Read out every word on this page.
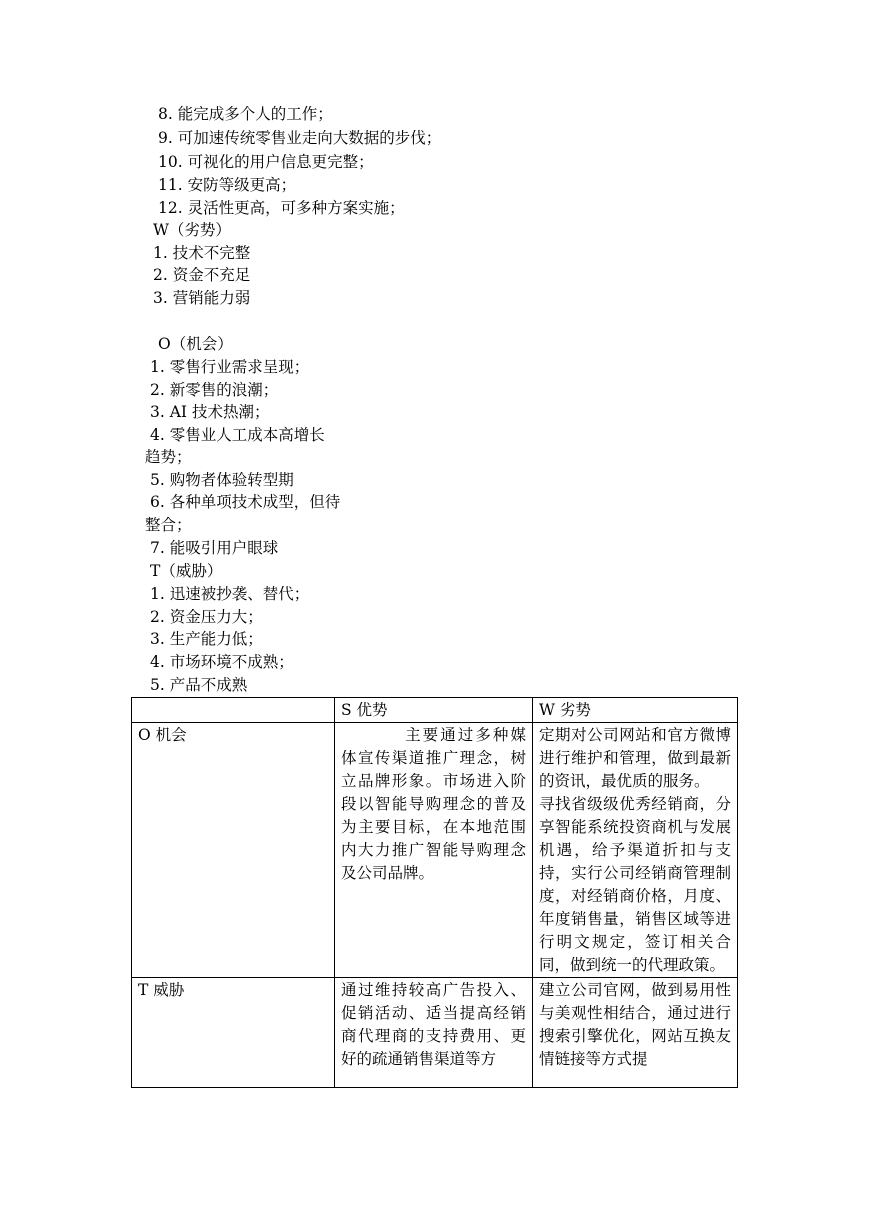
8. 能完成多个人的工作；
9. 可加速传统零售业走向大数据的步伐；
10. 可视化的用户信息更完整；
11. 安防等级更高；
12. 灵活性更高，可多种方案实施；
W（劣势）
1. 技术不完整
2. 资金不充足
3. 营销能力弱
O（机会）
1. 零售行业需求呈现；
2. 新零售的浪潮；
3. AI 技术热潮；
4. 零售业人工成本高增长
趋势；
5. 购物者体验转型期
6. 各种单项技术成型，但待
整合；
7. 能吸引用户眼球
T（威胁）
1. 迅速被抄袭、替代；
2. 资金压力大；
3. 生产能力低；
4. 市场环境不成熟；
5. 产品不成熟
	S 优势	W 劣势
O 机会	主要通过多种媒体宣传渠道推广理念，树立品牌形象。市场进入阶段以智能导购理念的普及为主要目标，在本地范围内大力推广智能导购理念及公司品牌。	定期对公司网站和官方微博进行维护和管理，做到最新的资讯，最优质的服务。
寻找省级级优秀经销商，分享智能系统投资商机与发展机遇，给予渠道折扣与支持，实行公司经销商管理制度，对经销商价格，月度、年度销售量，销售区域等进行明文规定，签订相关合同，做到统一的代理政策。

T 威胁	通过维持较高广告投入、促销活动、适当提高经销商代理商的支持费用、更好的疏通销售渠道等方	建立公司官网，做到易用性与美观性相结合，通过进行搜索引擎优化，网站互换友情链接等方式提
